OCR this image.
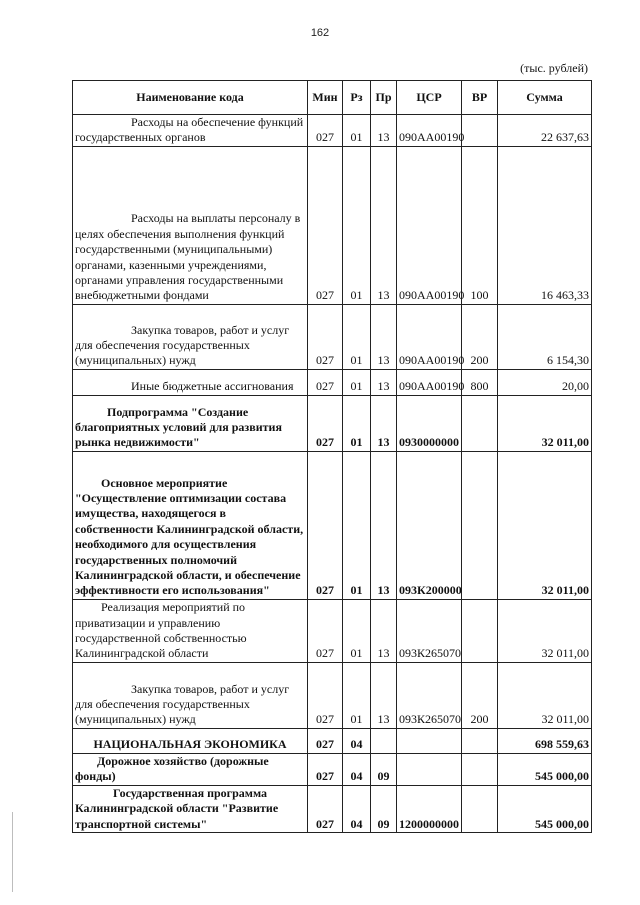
162
(тыс. рублей)
Наименование кода	Мин	Рз	Пр	ЦСР	ВР	Сумма
Расходы на обеспечение функций государственных органов	027	01	13	090AA00190		22 637,63
Расходы на выплаты персоналу в целях обеспечения выполнения функций государственными (муниципальными) органами, казенными учреждениями, органами управления государственными внебюджетными фондами	027	01	13	090AA00190	100	16 463,33
Закупка товаров, работ и услуг для обеспечения государственных (муниципальных) нужд	027	01	13	090AA00190	200	6 154,30
Иные бюджетные ассигнования	027	01	13	090AA00190	800	20,00
Подпрограмма "Создание благоприятных условий для развития рынка недвижимости"	027	01	13	0930000000		32 011,00
Основное мероприятие "Осуществление оптимизации состава имущества, находящегося в собственности Калининградской области, необходимого для осуществления государственных полномочий Калининградской области, и обеспечение эффективности его использования"	027	01	13	093К200000		32 011,00
Реализация мероприятий по приватизации и управлению государственной собственностью Калининградской области	027	01	13	093К265070		32 011,00
Закупка товаров, работ и услуг для обеспечения государственных (муниципальных) нужд	027	01	13	093К265070	200	32 011,00
НАЦИОНАЛЬНАЯ ЭКОНОМИКА	027	04				698 559,63
Дорожное хозяйство (дорожные фонды)	027	04	09			545 000,00
Государственная программа Калининградской области "Развитие транспортной системы"	027	04	09	1200000000		545 000,00
